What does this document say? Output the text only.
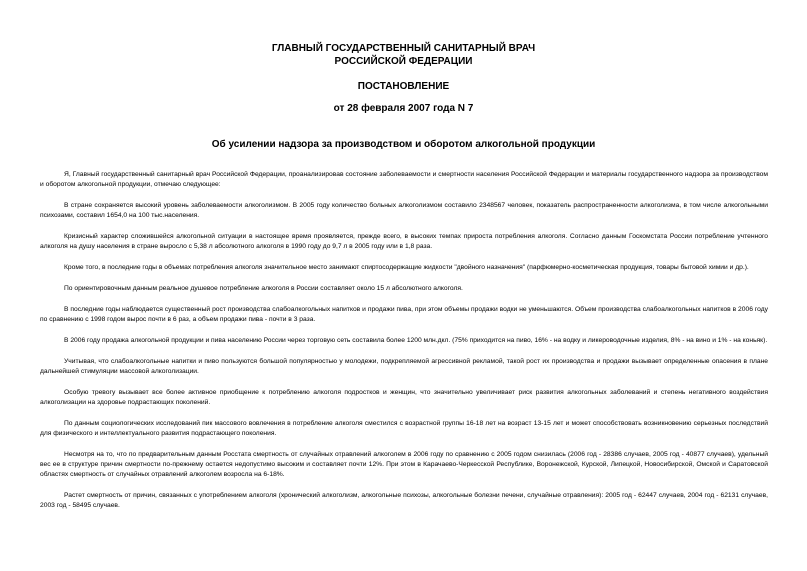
ГЛАВНЫЙ ГОСУДАРСТВЕННЫЙ САНИТАРНЫЙ ВРАЧ
РОССИЙСКОЙ ФЕДЕРАЦИИ
ПОСТАНОВЛЕНИЕ
от 28 февраля 2007 года N 7
Об усилении надзора за производством и оборотом алкогольной продукции

Я, Главный государственный санитарный врач Российской Федерации, проанализировав состояние заболеваемости и смертности населения Российской Федерации и материалы государственного надзора за производством и оборотом алкогольной продукции, отмечаю следующее:

В стране сохраняется высокий уровень заболеваемости алкоголизмом. В 2005 году количество больных алкоголизмом составило 2348567 человек, показатель распространенности алкоголизма, в том числе алкогольными психозами, составил 1654,0 на 100 тыс.населения.

Кризисный характер сложившейся алкогольной ситуации в настоящее время проявляется, прежде всего, в высоких темпах прироста потребления алкоголя. Согласно данным Госкомстата России потребление учтенного алкоголя на душу населения в стране выросло с 5,38 л абсолютного алкоголя в 1990 году до 9,7 л в 2005 году или в 1,8 раза.

Кроме того, в последние годы в объемах потребления алкоголя значительное место занимают спиртосодержащие жидкости "двойного назначения" (парфюмерно-косметическая продукция, товары бытовой химии и др.).

По ориентировочным данным реальное душевое потребление алкоголя в России составляет около 15 л абсолютного алкоголя.

В последние годы наблюдается существенный рост производства слабоалкогольных напитков и продажи пива, при этом объемы продажи водки не уменьшаются. Объем производства слабоалкогольных напитков в 2006 году по сравнению с 1998 годом вырос почти в 6 раз, а объем продажи пива - почти в 3 раза.

В 2006 году продажа алкогольной продукции и пива населению России через торговую сеть составила более 1200 млн.дкл. (75% приходится на пиво, 16% - на водку и ликероводочные изделия, 8% - на вино и 1% - на коньяк).

Учитывая, что слабоалкогольные напитки и пиво пользуются большой популярностью у молодежи, подкрепляемой агрессивной рекламой, такой рост их производства и продажи вызывает определенные опасения в плане дальнейшей стимуляции массовой алкоголизации.

Особую тревогу вызывает все более активное приобщение к потреблению алкоголя подростков и женщин, что значительно увеличивает риск развития алкогольных заболеваний и степень негативного воздействия алкоголизации на здоровье подрастающих поколений.

По данным социологических исследований пик массового вовлечения в потребление алкоголя сместился с возрастной группы 16-18 лет на возраст 13-15 лет и может способствовать возникновению серьезных последствий для физического и интеллектуального развития подрастающего поколения.

Несмотря на то, что по предварительным данным Росстата смертность от случайных отравлений алкоголем в 2006 году по сравнению с 2005 годом снизилась (2006 год - 28386 случаев, 2005 год - 40877 случаев), удельный вес ее в структуре причин смертности по-прежнему остается недопустимо высоким и составляет почти 12%. При этом в Карачаево-Черкесской Республике, Воронежской, Курской, Липецкой, Новосибирской, Омской и Саратовской областях смертность от случайных отравлений алкоголем возросла на 6-18%.

Растет смертность от причин, связанных с употреблением алкоголя (хронический алкоголизм, алкогольные психозы, алкогольные болезни печени, случайные отравления): 2005 год - 62447 случаев, 2004 год - 62131 случаев, 2003 год - 58495 случаев.
